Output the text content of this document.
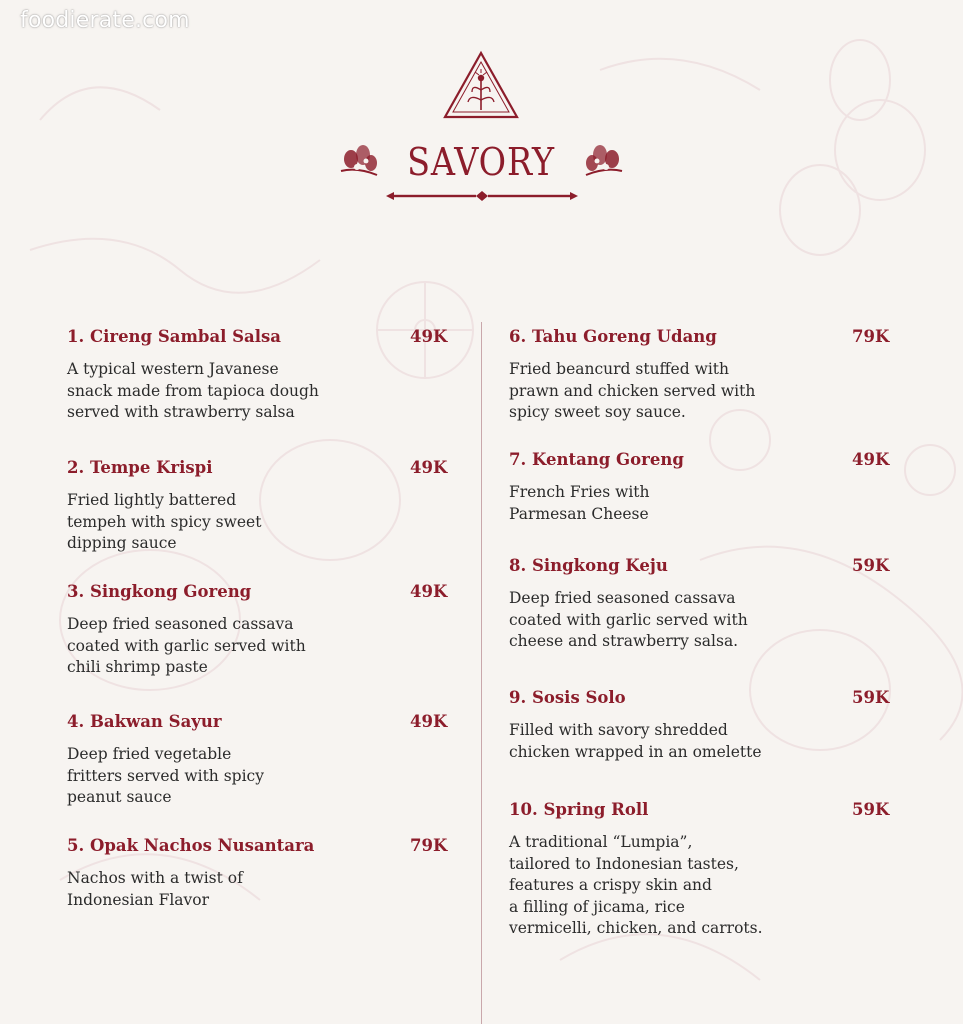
foodierate.com
SAVORY
1. Cireng Sambal Salsa	49K
A typical western Javanese
snack made from tapioca dough
served with strawberry salsa
2. Tempe Krispi	49K
Fried lightly battered
tempeh with spicy sweet
dipping sauce
3. Singkong Goreng	49K
Deep fried seasoned cassava
coated with garlic served with
chili shrimp paste
4. Bakwan Sayur	49K
Deep fried vegetable
fritters served with spicy
peanut sauce
5. Opak Nachos Nusantara	79K
Nachos with a twist of
Indonesian Flavor
6. Tahu Goreng Udang	79K
Fried beancurd stuffed with
prawn and chicken served with
spicy sweet soy sauce.
7. Kentang Goreng	49K
French Fries with
Parmesan Cheese
8. Singkong Keju	59K
Deep fried seasoned cassava
coated with garlic served with
cheese and strawberry salsa.
9. Sosis Solo	59K
Filled with savory shredded
chicken wrapped in an omelette
10. Spring Roll	59K
A traditional “Lumpia”,
tailored to Indonesian tastes,
features a crispy skin and
a filling of jicama, rice
vermicelli, chicken, and carrots.
